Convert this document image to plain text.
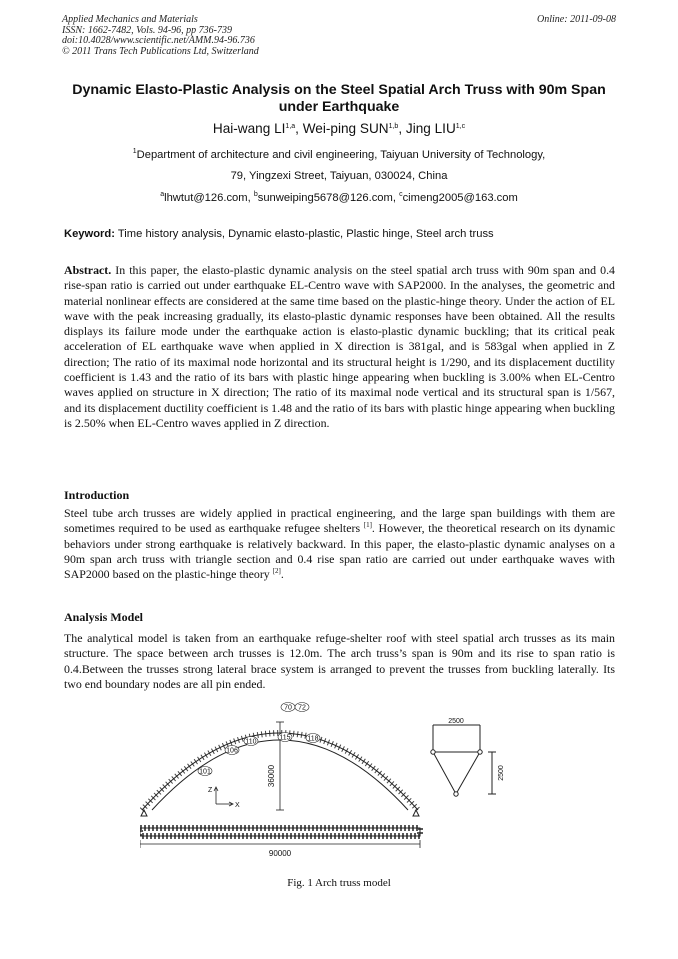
Applied Mechanics and Materials
ISSN: 1662-7482, Vols. 94-96, pp 736-739
doi:10.4028/www.scientific.net/AMM.94-96.736
© 2011 Trans Tech Publications Ltd, Switzerland
Online: 2011-09-08
Dynamic Elasto-Plastic Analysis on the Steel Spatial Arch Truss with 90m Span under Earthquake
Hai-wang LI$^{1,a}$, Wei-ping SUN$^{1,b}$, Jing LIU$^{1,c}$
$^1$Department of architecture and civil engineering, Taiyuan University of Technology,
79, Yingzexi Street, Taiyuan, 030024, China
$^a$lhwtut@126.com, $^b$sunweiping5678@126.com, $^c$cimeng2005@163.com
Keyword: Time history analysis, Dynamic elasto-plastic, Plastic hinge, Steel arch truss
Abstract. In this paper, the elasto-plastic dynamic analysis on the steel spatial arch truss with 90m span and 0.4 rise-span ratio is carried out under earthquake EL-Centro wave with SAP2000. In the analyses, the geometric and material nonlinear effects are considered at the same time based on the plastic-hinge theory. Under the action of EL wave with the peak increasing gradually, its elasto-plastic dynamic responses have been obtained. All the results displays its failure mode under the earthquake action is elasto-plastic dynamic buckling; that its critical peak acceleration of EL earthquake wave when applied in X direction is 381gal, and is 583gal when applied in Z direction; The ratio of its maximal node horizontal and its structural height is 1/290, and its displacement ductility coefficient is 1.43 and the ratio of its bars with plastic hinge appearing when buckling is 3.00% when EL-Centro waves applied on structure in X direction; The ratio of its maximal node vertical and its structural span is 1/567, and its displacement ductility coefficient is 1.48 and the ratio of its bars with plastic hinge appearing when buckling is 2.50% when EL-Centro waves applied in Z direction.
Introduction
Steel tube arch trusses are widely applied in practical engineering, and the large span buildings with them are sometimes required to be used as earthquake refugee shelters [1]. However, the theoretical research on its dynamic behaviors under strong earthquake is relatively backward. In this paper, the elasto-plastic dynamic analyses on a 90m span arch truss with triangle section and 0.4 rise span ratio are carried out under earthquake waves with SAP2000 based on the plastic-hinge theory [2].
Analysis Model
The analytical model is taken from an earthquake refuge-shelter roof with steel spatial arch trusses as its main structure. The space between arch trusses is 12.0m. The arch truss’s span is 90m and its rise to span ratio is 0.4.Between the trusses strong lateral brace system is arranged to prevent the trusses from buckling laterally. Its two end boundary nodes are all pin ended.
36000
70 72
101
106
110
115 118
Z
X
90000
2500
2500
Fig. 1 Arch truss model
